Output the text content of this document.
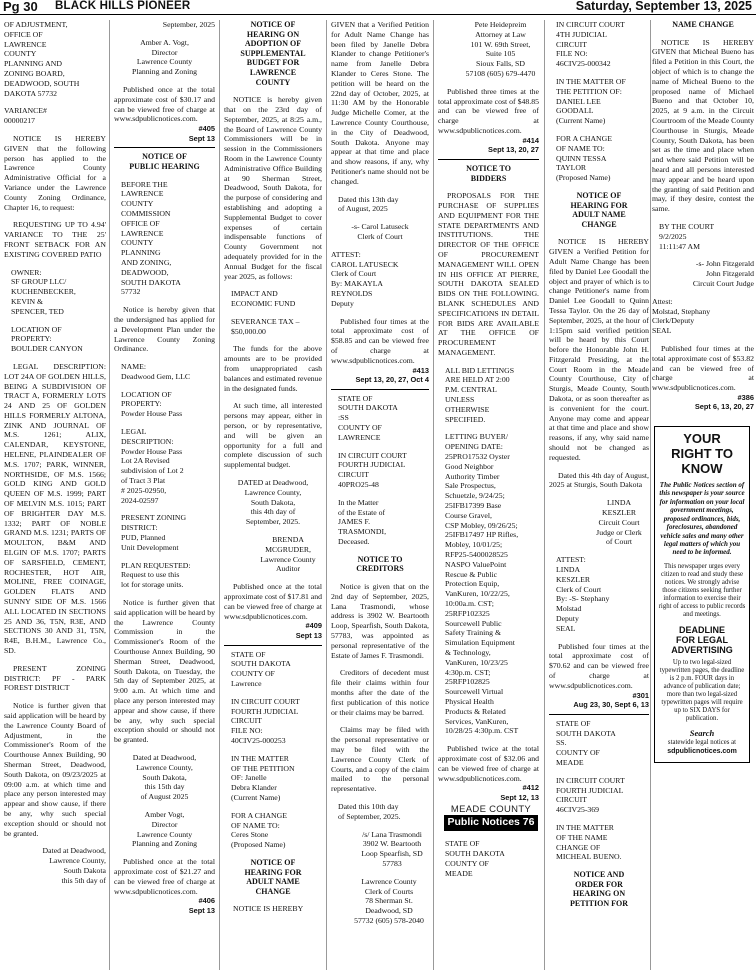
Pg 30 BLACK HILLS PIONEER	Saturday, September 13, 2025

OF ADJUSTMENT,
OFFICE OF
LAWRENCE
COUNTY
PLANNING AND
ZONING BOARD,
DEADWOOD, SOUTH
DAKOTA 57732

VARIANCE#
00000217

NOTICE IS HEREBY GIVEN that the following person has applied to the Lawrence County Administrative Official for a Variance under the Lawrence County Zoning Ordinance, Chapter 16, to request:

REQUESTING UP TO 4.94' VARIANCE TO THE 25' FRONT SETBACK FOR AN EXISTING COVERED PATIO

OWNER:
SF GROUP LLC/
KUCHENBECKER,
KEVIN &
SPENCER, TED

LOCATION OF
PROPERTY:
BOULDER CANYON

LEGAL DESCRIPTION: LOT 24A OF GOLDEN HILLS, BEING A SUBDIVISION OF TRACT A, FORMERLY LOTS 24 AND 25 OF GOLDEN HILLS FORMERLY ALTONA, ZINK AND JOURNAL OF M.S. 1261; ALIX, CALENDAR, KEYSTONE, HELENE, PLAINDEALER OF M.S. 1707; PARK, WINNER, NORTHSIDE, OF M.S. 1566; GOLD KING AND GOLD QUEEN OF M.S. 1999; PART OF MELVIN M.S. 1015; PART OF BRIGHTER DAY M.S. 1332; PART OF NOBLE GRAND M.S. 1231; PARTS OF MOULTON, B&M AND ELGIN OF M.S. 1707; PARTS OF SARSFIELD, CEMENT, ROCHESTER, HOT AIR, MOLINE, FREE COINAGE, GOLDEN FLATS AND SUNNY SIDE OF M.S. 1566 ALL LOCATED IN SECTIONS 25 AND 36, T5N, R3E, AND SECTIONS 30 AND 31, T5N, R4E, B.H.M., Lawrence Co., SD.

PRESENT ZONING DISTRICT: PF - PARK FOREST DISTRICT

Notice is further given that said application will be heard by the Lawrence County Board of Adjustment, in the Commissioner's Room of the Courthouse Annex Building, 90 Sherman Street, Deadwood, South Dakota, on 09/23/2025 at 09:00 a.m. at which time and place any person interested may appear and show cause, if there be any, why such special exception should or should not be granted.

Dated at Deadwood,
Lawrence County,
South Dakota
this 5th day of

September, 2025

Amber A. Vogt,
Director
Lawrence County
Planning and Zoning

Published once at the total approximate cost of $30.17 and can be viewed free of charge at www.sdpublicnotices.com.

#405
Sept 13

NOTICE OF
PUBLIC HEARING

BEFORE THE
LAWRENCE
COUNTY
COMMISSION
OFFICE OF
LAWRENCE
COUNTY
PLANNING
AND ZONING,
DEADWOOD,
SOUTH DAKOTA
57732

Notice is hereby given that the undersigned has applied for a Development Plan under the Lawrence County Zoning Ordinance.

NAME:
Deadwood Gem, LLC

LOCATION OF
PROPERTY:
Powder House Pass

LEGAL
DESCRIPTION:
Powder House Pass
Lot 2A Revised
subdivision of Lot 2
of Tract 3 Plat
# 2025-02950,
2024-02597

PRESENT ZONING
DISTRICT:
PUD, Planned
Unit Development

PLAN REQUESTED:
Request to use this
lot for storage units.

Notice is further given that said application will be heard by the Lawrence County Commission in the Commissioner's Room of the Courthouse Annex Building, 90 Sherman Street, Deadwood, South Dakota, on Tuesday, the 5th day of September 2025, at 9:00 a.m. At which time and place any person interested may appear and show cause, if there be any, why such special exception should or should not be granted.

Dated at Deadwood,
Lawrence County,
South Dakota,
this 15th day
of August 2025

Amber Vogt,
Director
Lawrence County
Planning and Zoning

Published once at the total approximate cost of $21.27 and can be viewed free of charge at www.sdpublicnotices.com.

#406
Sept 13

NOTICE OF
HEARING ON
ADOPTION OF
SUPPLEMENTAL
BUDGET FOR
LAWRENCE
COUNTY

NOTICE is hereby given that on the 23rd day of September, 2025, at 8:25 a.m., the Board of Lawrence County Commissioners will be in session in the Commissioners Room in the Lawrence County Administrative Office Building at 90 Sherman Street, Deadwood, South Dakota, for the purpose of considering and establishing and adopting a Supplemental Budget to cover expenses of certain indispensable functions of County Government not adequately provided for in the Annual Budget for the fiscal year 2025, as follows:

IMPACT AND
ECONOMIC FUND

SEVERANCE TAX –
$50,000.00

The funds for the above amounts are to be provided from unappropriated cash balances and estimated revenue in the designated funds.

At such time, all interested persons may appear, either in person, or by representative, and will be given an opportunity for a full and complete discussion of such supplemental budget.

DATED at Deadwood,
Lawrence County,
South Dakota,
this 4th day of
September, 2025.

BRENDA
MCGRUDER,
Lawrence County
Auditor

Published once at the total approximate cost of $17.81 and can be viewed free of charge at www.sdpublicnotices.com.

#409
Sept 13

STATE OF
SOUTH DAKOTA
COUNTY OF
Lawrence

IN CIRCUIT COURT
FOURTH JUDICIAL
CIRCUIT
FILE NO:
40CIV25-000253

IN THE MATTER
OF THE PETITION
OF: Janelle
Debra Klander
(Current Name)

FOR A CHANGE
OF NAME TO:
Ceres Stone
(Proposed Name)

NOTICE OF
HEARING FOR
ADULT NAME
CHANGE

NOTICE IS HEREBY

GIVEN that a Verified Petition for Adult Name Change has been filed by Janelle Debra Klander to change Petitioner's name from Janelle Debra Klander to Ceres Stone. The petition will be heard on the 22nd day of October, 2025, at 11:30 AM by the Honorable Judge Michelle Comer, at the Lawrence County Courthouse, in the City of Deadwood, South Dakota. Anyone may appear at that time and place and show reasons, if any, why Petitioner's name should not be changed.

Dated this 13th day
of August, 2025

-s- Carol Latuseck
Clerk of Court

ATTEST:
CAROL LATUSECK
Clerk of Court
By: MAKAYLA
REYNOLDS
Deputy

Published four times at the total approximate cost of $58.85 and can be viewed free of charge at www.sdpublicnotices.com.

#413
Sept 13, 20, 27, Oct 4

STATE OF
SOUTH DAKOTA
:SS
COUNTY OF
LAWRENCE

IN CIRCUIT COURT
FOURTH JUDICIAL
CIRCUIT
40PRO25-48

In the Matter
of the Estate of
JAMES F.
TRASMONDI,
Deceased.

NOTICE TO
CREDITORS

Notice is given that on the 2nd day of September, 2025, Lana Trasmondi, whose address is 3902 W. Beartooth Loop, Spearfish, South Dakota, 57783, was appointed as personal representative of the Estate of James F. Trasmondi.

Creditors of decedent must file their claims within four months after the date of the first publication of this notice or their claims may be barred.

Claims may be filed with the personal representative or may be filed with the Lawrence County Clerk of Courts, and a copy of the claim mailed to the personal representative.

Dated this 10th day
of September, 2025.

/s/ Lana Trasmondi
3902 W. Beartooth
Loop Spearfish, SD
57783

Lawrence County
Clerk of Courts
78 Sherman St.
Deadwood, SD
57732 (605) 578-2040

Pete Heidepreim
Attorney at Law
101 W. 69th Street,
Suite 105
Sioux Falls, SD
57108 (605) 679-4470

Published three times at the total approximate cost of $48.85 and can be viewed free of charge at www.sdpublicnotices.com.

#414
Sept 13, 20, 27

NOTICE TO
BIDDERS

PROPOSALS FOR THE PURCHASE OF SUPPLIES AND EQUIPMENT FOR THE STATE DEPARTMENTS AND INSTITUTIONS. THE DIRECTOR OF THE OFFICE OF PROCUREMENT MANAGEMENT WILL OPEN IN HIS OFFICE AT PIERRE, SOUTH DAKOTA SEALED BIDS ON THE FOLLOWING. BLANK SCHEDULES AND SPECIFICATIONS IN DETAIL FOR BIDS ARE AVAILABLE AT THE OFFICE OF PROCUREMENT MANAGEMENT.

ALL BID LETTINGS
ARE HELD AT 2:00
P.M. CENTRAL
UNLESS
OTHERWISE
SPECIFIED.

LETTING BUYER/
OPENING DATE:
25PRO17532 Oyster
Good Neighbor
Authority Timber
Sale Prospectus,
Schuetzle, 9/24/25;
25IFB17399 Base
Course Gravel,
CSP Mobley, 09/26/25;
25IFB17497 HP Rifles,
Mobley, 10/01/25;
RFP25-5400028525
NASPO ValuePoint
Rescue & Public
Protection Equip,
VanKuren, 10/22/25,
10:00a.m. CST;
25RFP102325
Sourcewell Public
Safety Training &
Simulation Equipment
& Technology,
VanKuren, 10/23/25
4:30p.m. CST;
25RFP102825
Sourcewell Virtual
Physical Health
Products & Related
Services, VanKuren,
10/28/25 4:30p.m. CST

Published twice at the total approximate cost of $32.06 and can be viewed free of charge at www.sdpublicnotices.com.

#412
Sept 12, 13

MEADE COUNTY
Public Notices 76

STATE OF
SOUTH DAKOTA
COUNTY OF
MEADE

IN CIRCUIT COURT
4TH JUDICIAL
CIRCUIT
FILE NO:
46CIV25-000342

IN THE MATTER OF
THE PETITION OF:
DANIEL LEE
GOODALL
(Current Name)

FOR A CHANGE
OF NAME TO:
QUINN TESSA
TAYLOR
(Proposed Name)

NOTICE OF
HEARING FOR
ADULT NAME
CHANGE

NOTICE IS HEREBY GIVEN a Verified Petition for Adult Name Change has been filed by Daniel Lee Goodall the object and prayer of which is to change Petitioner's name from Daniel Lee Goodall to Quinn Tessa Taylor. On the 26 day of September, 2025, at the hour of 1:15pm said verified petition will be heard by this Court before the Honorable John H. Fitzgerald Presiding, at the Court Room in the Meade County Courthouse, City of Sturgis, Meade County, South Dakota, or as soon thereafter as is convenient for the court. Anyone may come and appear at that time and place and show reasons, if any, why said name should not be changed as requested.

Dated this 4th day of August, 2025 at Sturgis, South Dakota

LINDA
KESZLER
Circuit Court
Judge or Clerk
of Court

ATTEST:
LINDA
KESZLER
Clerk of Court
By: -S- Stephany
Molstad
Deputy
SEAL

Published four times at the total approximate cost of $70.62 and can be viewed free of charge at www.sdpublicnotices.com.

#301
Aug 23, 30, Sept 6, 13

STATE OF
SOUTH DAKOTA
SS.
COUNTY OF
MEADE

IN CIRCUIT COURT
FOURTH JUDICIAL
CIRCUIT
46CIV25-369

IN THE MATTER
OF THE NAME
CHANGE OF
MICHEAL BUENO.

NOTICE AND
ORDER FOR
HEARING ON
PETITION FOR
NAME CHANGE

NOTICE IS HEREBY GIVEN that Micheal Bueno has filed a Petition in this Court, the object of which is to change the name of Micheal Bueno to the proposed name of Michael Bueno and that October 10, 2025, at 9 a.m. in the Circuit Courtroom of the Meade County Courthouse in Sturgis, Meade County, South Dakota, has been set as the time and place when and where said Petition will be heard and all persons interested may appear and be heard upon the granting of said Petition and may, if they desire, contest the same.

BY THE COURT
9/2/2025
11:11:47 AM

-s- John Fitzgerald
John Fitzgerald
Circuit Court Judge

Attest:
Molstad, Stephany
Clerk/Deputy
SEAL

Published four times at the total approximate cost of $53.82 and can be viewed free of charge at www.sdpublicnotices.com.

#386
Sept 6, 13, 20, 27

YOUR
RIGHT TO
KNOW
The Public Notices section of this newspaper is your source for information on your local government meetings, proposed ordinances, bids, foreclosures, abandoned vehicle sales and many other legal matters of which you need to be informed.
This newspaper urges every citizen to read and study these notices. We strongly advise those citizens seeking further information to exercise their right of access to public records and meetings.
DEADLINE
FOR LEGAL
ADVERTISING
Up to two legal-sized typewritten pages, the deadline is 2 p.m. FOUR days in advance of publication date; more than two legal-sized typewritten pages will require up to SIX DAYS for publication.
Search
statewide legal notices at
sdpublicnotices.com
